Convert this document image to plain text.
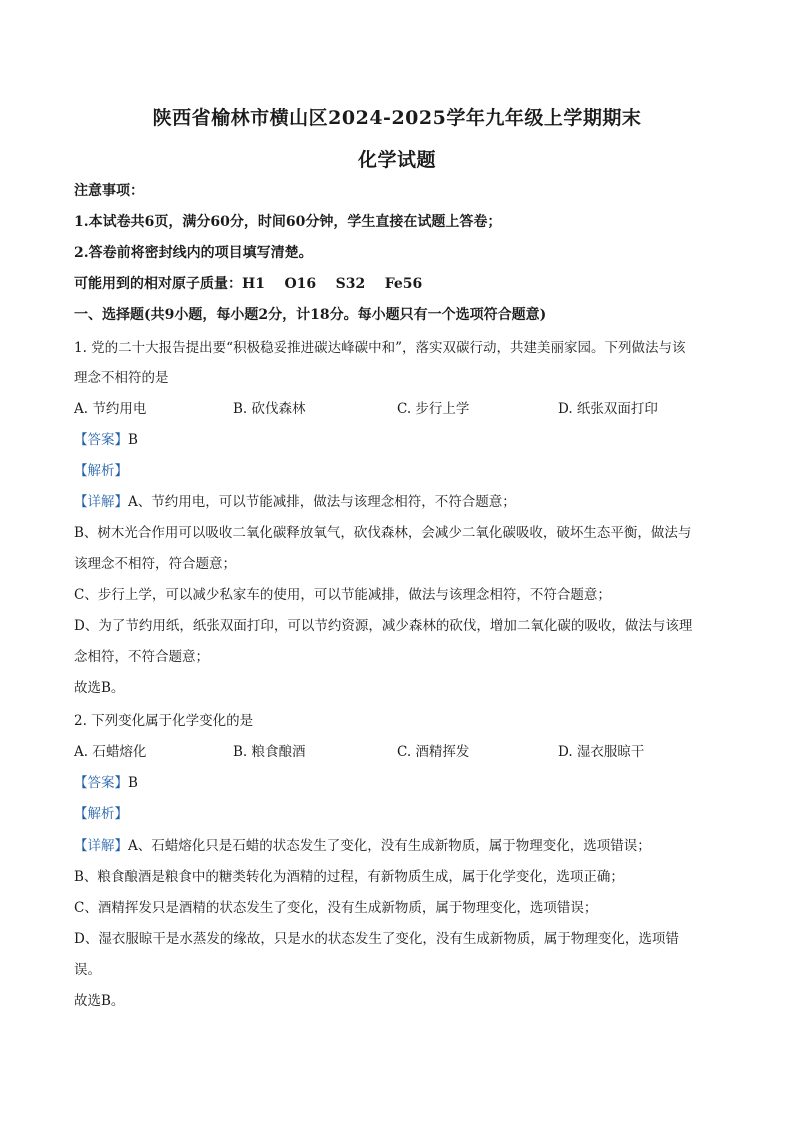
陕西省榆林市横山区2024-2025学年九年级上学期期末
化学试题
注意事项：
1.本试卷共6页，满分60分，时间60分钟，学生直接在试题上答卷；
2.答卷前将密封线内的项目填写清楚。
可能用到的相对原子质量：H1    O16    S32    Fe56
一、选择题(共9小题，每小题2分，计18分。每小题只有一个选项符合题意)
1. 党的二十大报告提出要“积极稳妥推进碳达峰碳中和”，落实双碳行动，共建美丽家园。下列做法与该
理念不相符的是
A. 节约用电	B. 砍伐森林	C. 步行上学	D. 纸张双面打印
【答案】B
【解析】
【详解】A、节约用电，可以节能减排，做法与该理念相符，不符合题意；
B、树木光合作用可以吸收二氧化碳释放氧气，砍伐森林，会减少二氧化碳吸收，破坏生态平衡，做法与
该理念不相符，符合题意；
C、步行上学，可以减少私家车的使用，可以节能减排，做法与该理念相符，不符合题意；
D、为了节约用纸，纸张双面打印，可以节约资源，减少森林的砍伐，增加二氧化碳的吸收，做法与该理
念相符，不符合题意；
故选B。
2. 下列变化属于化学变化的是
A. 石蜡熔化	B. 粮食酿酒	C. 酒精挥发	D. 湿衣服晾干
【答案】B
【解析】
【详解】A、石蜡熔化只是石蜡的状态发生了变化，没有生成新物质，属于物理变化，选项错误；
B、粮食酿酒是粮食中的糖类转化为酒精的过程，有新物质生成，属于化学变化，选项正确；
C、酒精挥发只是酒精的状态发生了变化，没有生成新物质，属于物理变化，选项错误；
D、湿衣服晾干是水蒸发的缘故，只是水的状态发生了变化，没有生成新物质，属于物理变化，选项错
误。
故选B。
